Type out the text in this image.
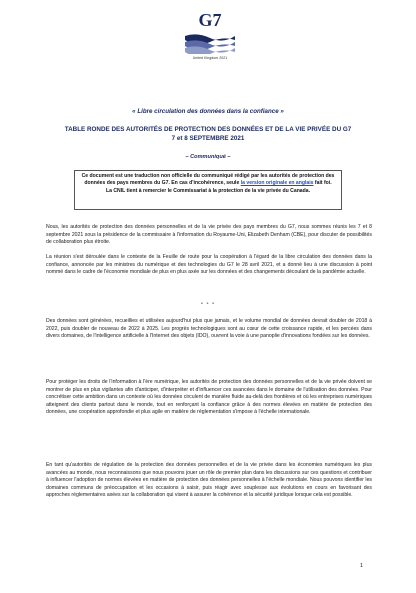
G7
United Kingdom 2021
« Libre circulation des données dans la confiance »
TABLE RONDE DES AUTORITÉS DE PROTECTION DES DONNÉES ET DE LA VIE PRIVÉE DU G7
7 et 8 SEPTEMBRE 2021
– Communiqué –
Ce document est une traduction non officielle du communiqué rédigé par les autorités de protection des données des pays membres du G7. En cas d'incohérence, seule la version originale en anglais fait foi.
La CNIL tient à remercier le Commissariat à la protection de la vie privée du Canada.
Nous, les autorités de protection des données personnelles et de la vie privée des pays membres du G7, nous sommes réunis les 7 et 8 septembre 2021 sous la présidence de la commissaire à l'information du Royaume-Uni, Elizabeth Denham (CBE), pour discuter de possibilités de collaboration plus étroite.
La réunion s'est déroulée dans le contexte de la Feuille de route pour la coopération à l'égard de la libre circulation des données dans la confiance, annoncée par les ministres du numérique et des technologies du G7 le 28 avril 2021, et a donné lieu à une discussion à point nommé dans le cadre de l'économie mondiale de plus en plus axée sur les données et des changements découlant de la pandémie actuelle.
- - -
Des données sont générées, recueillies et utilisées aujourd'hui plus que jamais, et le volume mondial de données devrait doubler de 2018 à 2022, puis doubler de nouveau de 2022 à 2025. Les progrès technologiques sont au cœur de cette croissance rapide, et les percées dans divers domaines, de l'intelligence artificielle à l'Internet des objets (IDO), ouvrent la voie à une panoplie d'innovations fondées sur les données.
Pour protéger les droits de l'information à l'ère numérique, les autorités de protection des données personnelles et de la vie privée doivent se montrer de plus en plus vigilantes afin d'anticiper, d'interpréter et d'influencer ces avancées dans le domaine de l'utilisation des données. Pour concrétiser cette ambition dans un contexte où les données circulent de manière fluide au-delà des frontières et où les entreprises numériques atteignent des clients partout dans le monde, tout en renforçant la confiance grâce à des normes élevées en matière de protection des données, une coopération approfondie et plus agile en matière de réglementation s'impose à l'échelle internationale.
En tant qu'autorités de régulation de la protection des données personnelles et de la vie privée dans les économies numériques les plus avancées au monde, nous reconnaissons que nous pouvons jouer un rôle de premier plan dans les discussions sur ces questions et contribuer à influencer l'adoption de normes élevées en matière de protection des données personnelles à l'échelle mondiale. Nous pouvons identifier les domaines communs de préoccupation et les occasions à saisir, puis réagir avec souplesse aux évolutions en cours en favorisant des approches réglementaires axées sur la collaboration qui visent à assurer la cohérence et la sécurité juridique lorsque cela est possible.
1
